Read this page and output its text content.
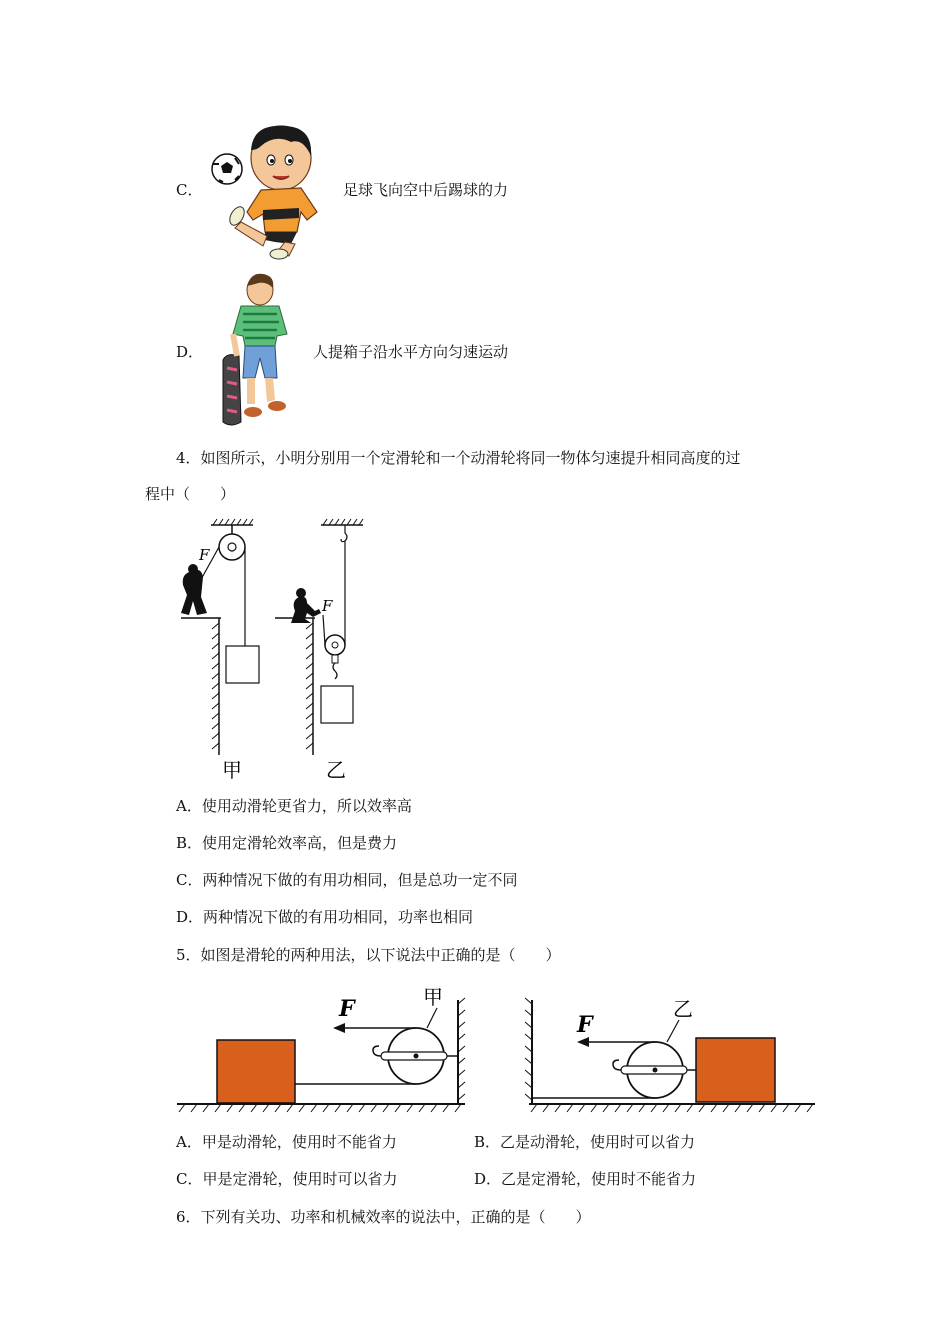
C．	足球飞向空中后踢球的力
D．	人提箱子沿水平方向匀速运动
4．如图所示，小明分别用一个定滑轮和一个动滑轮将同一物体匀速提升相同高度的过
程中（　　）
F
甲
F
乙
A．使用动滑轮更省力，所以效率高
B．使用定滑轮效率高，但是费力
C．两种情况下做的有用功相同，但是总功一定不同
D．两种情况下做的有用功相同，功率也相同
5．如图是滑轮的两种用法，以下说法中正确的是（　　）
F	甲
F
乙
A．甲是动滑轮，使用时不能省力	B．乙是动滑轮，使用时可以省力
C．甲是定滑轮，使用时可以省力	D．乙是定滑轮，使用时不能省力
6．下列有关功、功率和机械效率的说法中，正确的是（　　）
